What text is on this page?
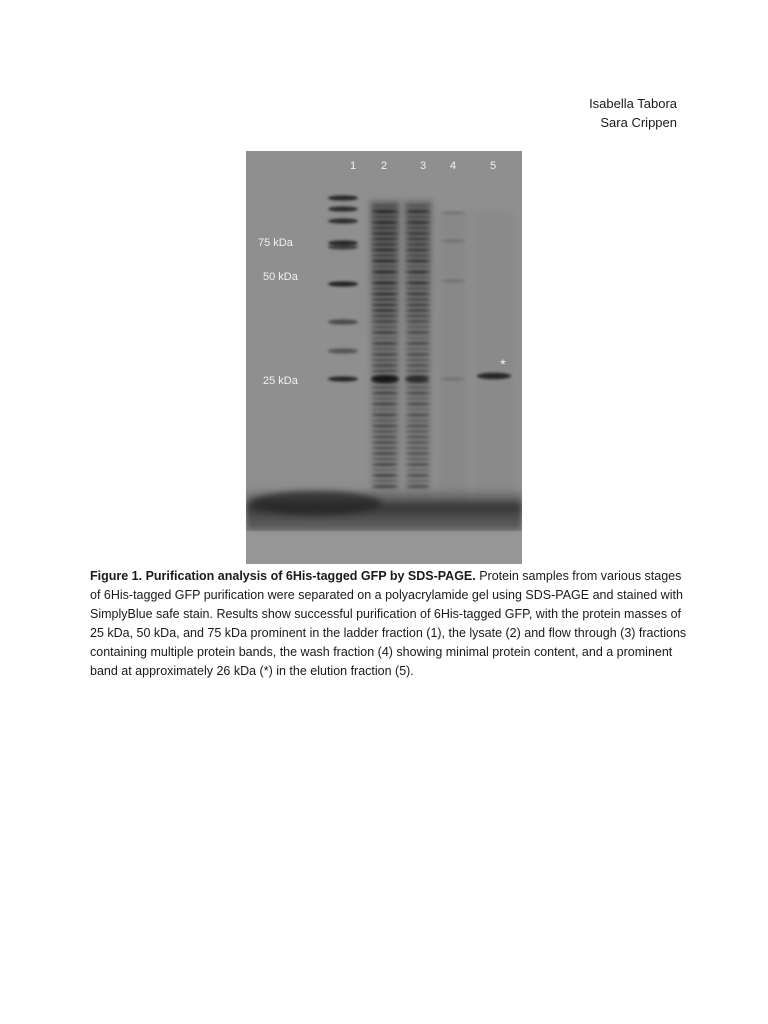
Isabella Tabora
Sara Crippen
1 2	3 4	5
75 kDa
50 kDa
25 kDa
*
Figure 1. Purification analysis of 6His-tagged GFP by SDS-PAGE. Protein samples from various stages of 6His-tagged GFP purification were separated on a polyacrylamide gel using SDS-PAGE and stained with SimplyBlue safe stain. Results show successful purification of 6His-tagged GFP, with the protein masses of 25 kDa, 50 kDa, and 75 kDa prominent in the ladder fraction (1), the lysate (2) and flow through (3) fractions containing multiple protein bands, the wash fraction (4) showing minimal protein content, and a prominent band at approximately 26 kDa (*) in the elution fraction (5).
